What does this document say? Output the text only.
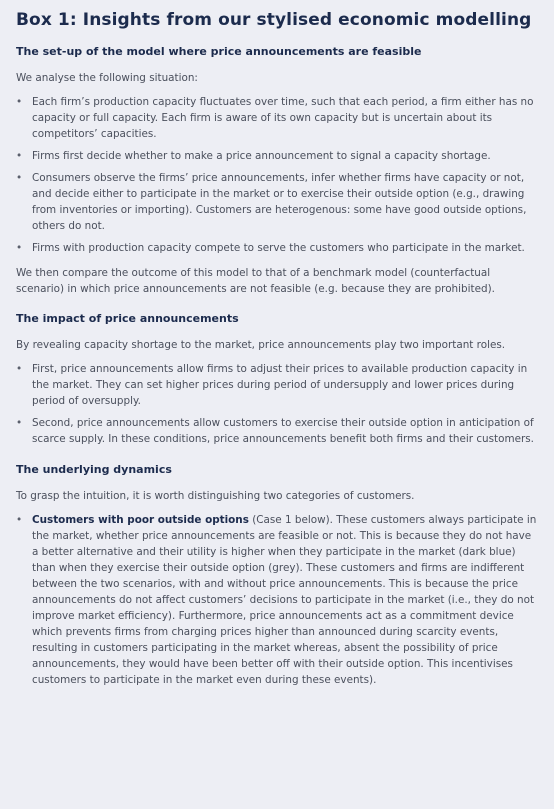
Box 1: Insights from our stylised economic modelling
The set-up of the model where price announcements are feasible

We analyse the following situation:

• Each firm’s production capacity fluctuates over time, such that each period, a firm either has no capacity or full capacity. Each firm is aware of its own capacity but is uncertain about its competitors’ capacities.
• Firms first decide whether to make a price announcement to signal a capacity shortage.
• Consumers observe the firms’ price announcements, infer whether firms have capacity or not, and decide either to participate in the market or to exercise their outside option (e.g., drawing from inventories or importing). Customers are heterogenous: some have good outside options, others do not.
• Firms with production capacity compete to serve the customers who participate in the market.

We then compare the outcome of this model to that of a benchmark model (counterfactual scenario) in which price announcements are not feasible (e.g. because they are prohibited).

The impact of price announcements

By revealing capacity shortage to the market, price announcements play two important roles.

• First, price announcements allow firms to adjust their prices to available production capacity in the market. They can set higher prices during period of undersupply and lower prices during period of oversupply.
• Second, price announcements allow customers to exercise their outside option in anticipation of scarce supply. In these conditions, price announcements benefit both firms and their customers.
The underlying dynamics

To grasp the intuition, it is worth distinguishing two categories of customers.

• Customers with poor outside options (Case 1 below). These customers always participate in the market, whether price announcements are feasible or not. This is because they do not have a better alternative and their utility is higher when they participate in the market (dark blue) than when they exercise their outside option (grey). These customers and firms are indifferent between the two scenarios, with and without price announcements. This is because the price announcements do not affect customers’ decisions to participate in the market (i.e., they do not improve market efficiency). Furthermore, price announcements act as a commitment device which prevents firms from charging prices higher than announced during scarcity events, resulting in customers participating in the market whereas, absent the possibility of price announcements, they would have been better off with their outside option. This incentivises customers to participate in the market even during these events).
